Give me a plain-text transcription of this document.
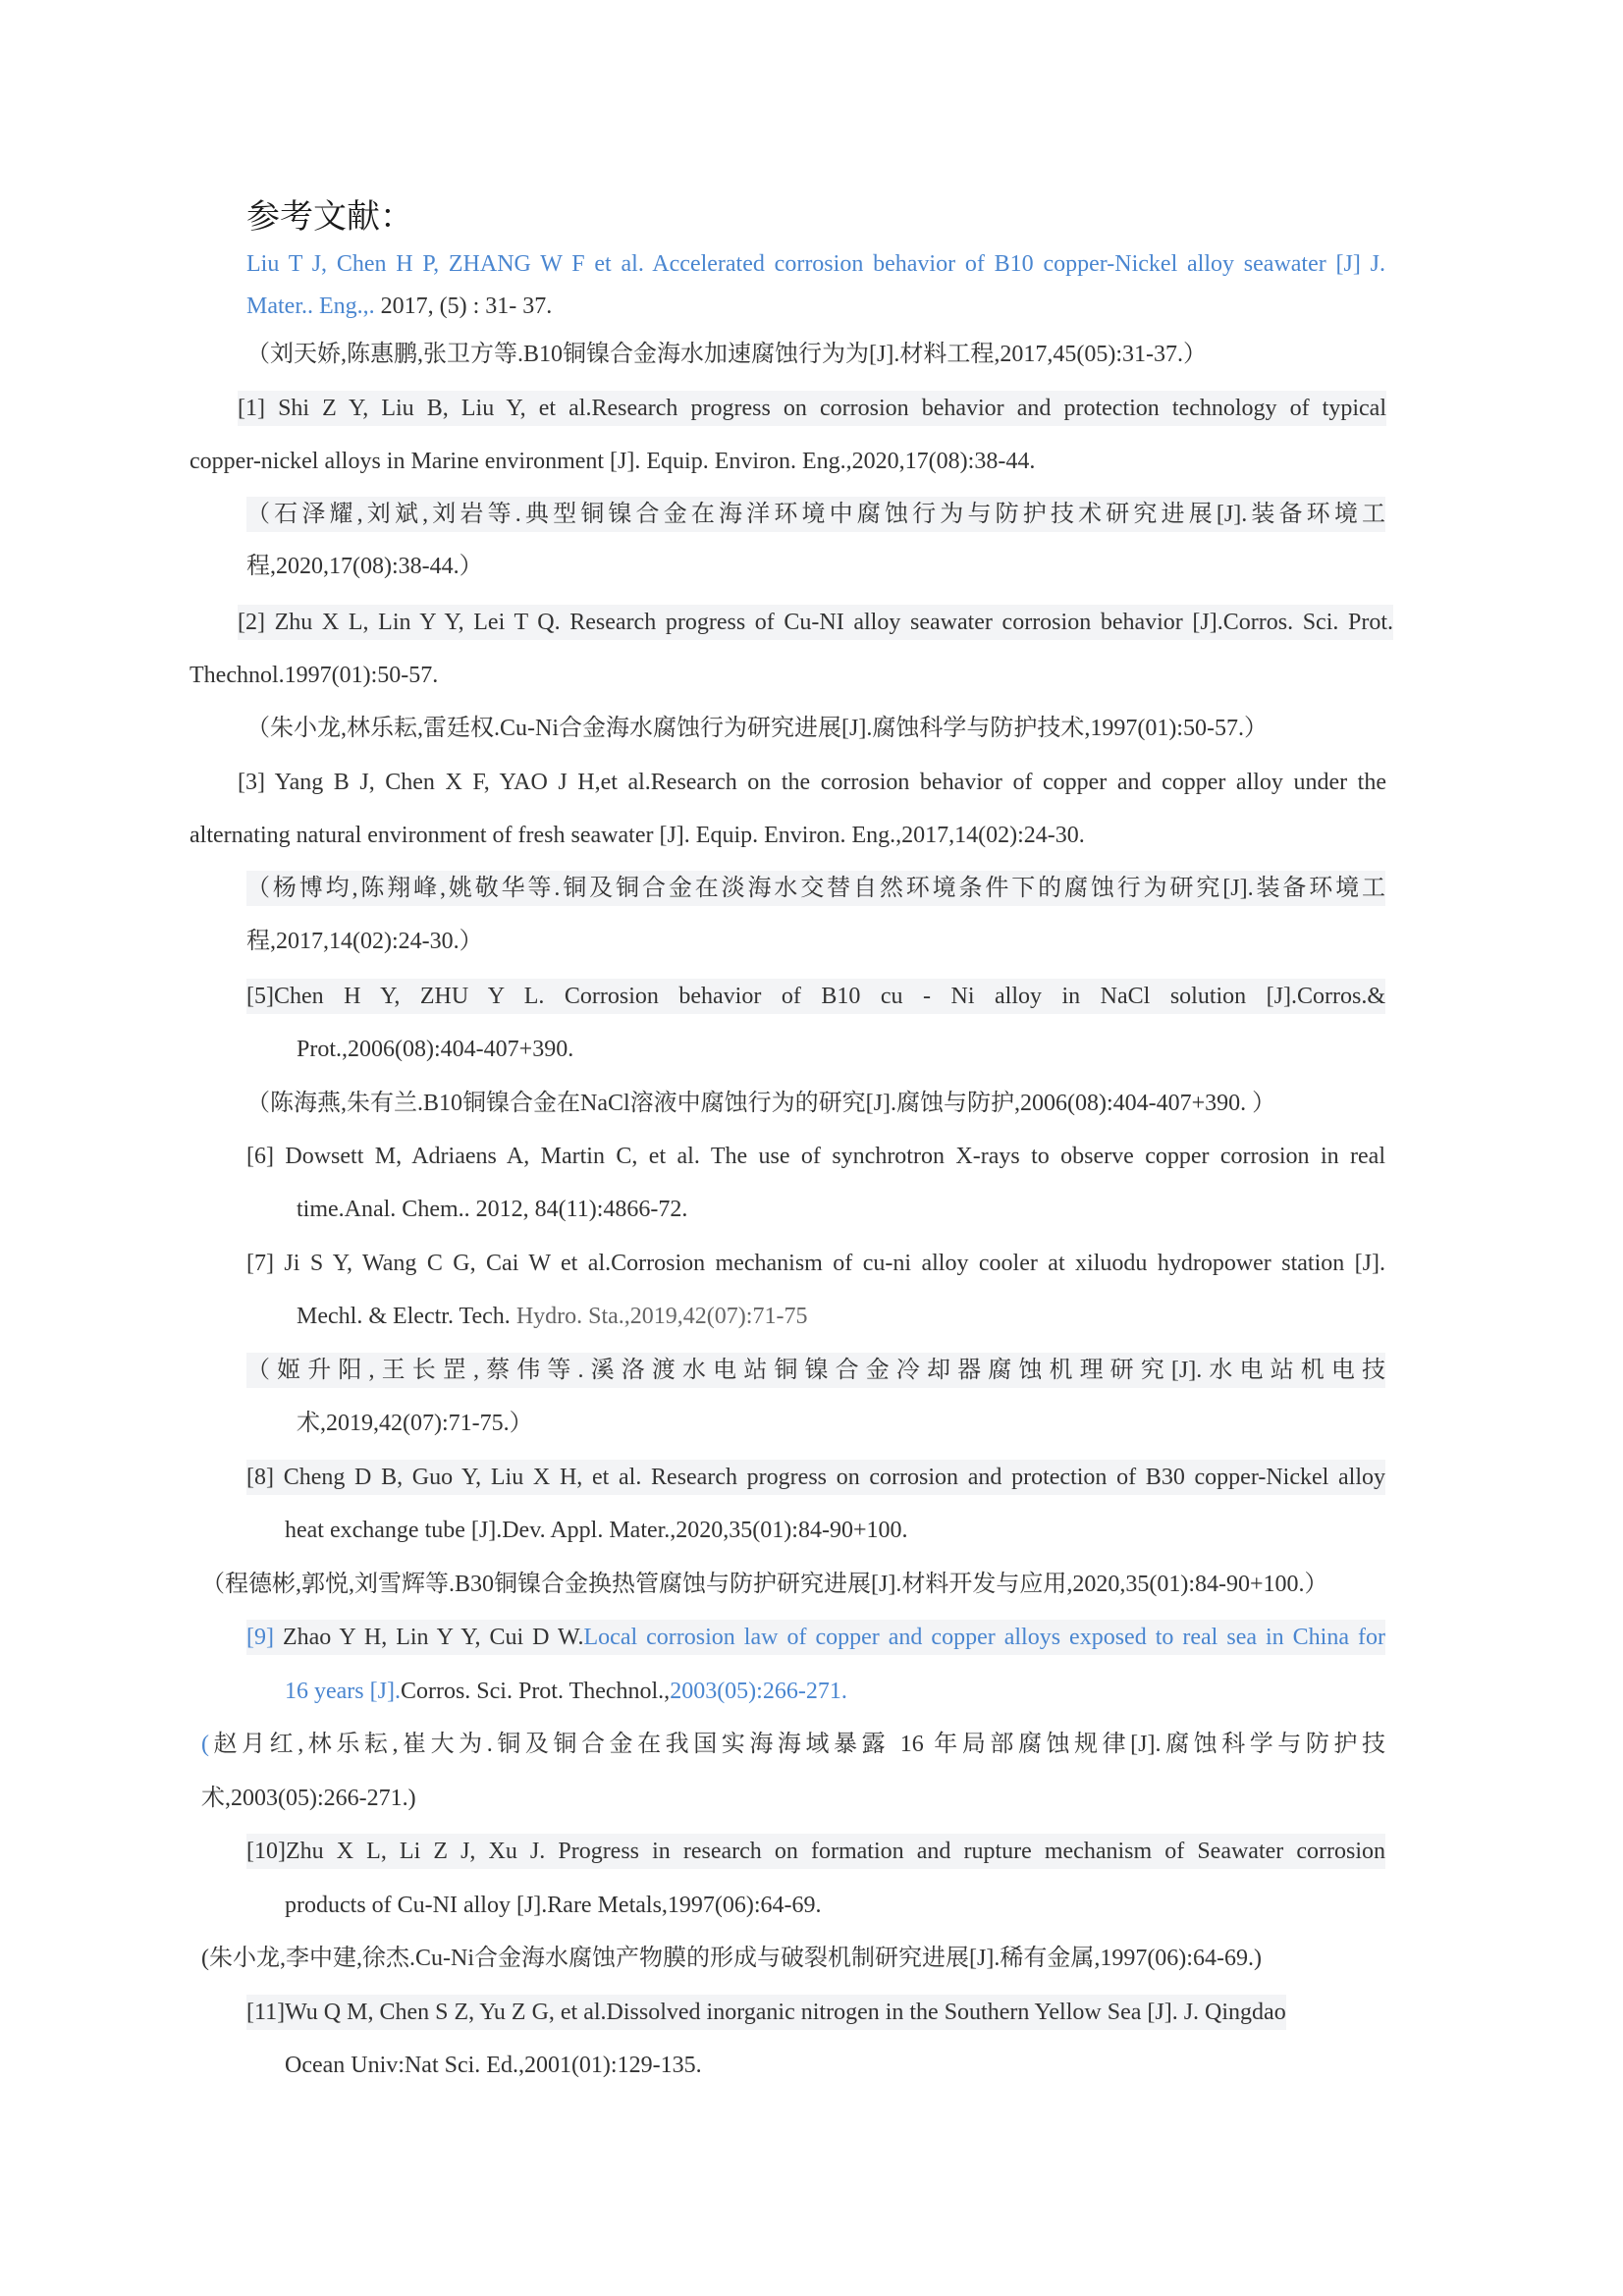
参考文献：
Liu T J, Chen H P, ZHANG W F et al. Accelerated corrosion behavior of B10 copper-Nickel alloy seawater [J] J.
Mater.. Eng.,. 2017, (5) : 31- 37.
（刘天娇,陈惠鹏,张卫方等.B10铜镍合金海水加速腐蚀行为为[J].材料工程,2017,45(05):31-37.）
[1] Shi Z Y, Liu B, Liu Y, et al.Research progress on corrosion behavior and protection technology of typical
copper-nickel alloys in Marine environment [J]. Equip. Environ. Eng.,2020,17(08):38-44.
（石泽耀,刘斌,刘岩等.典型铜镍合金在海洋环境中腐蚀行为与防护技术研究进展[J].装备环境工
程,2020,17(08):38-44.）
[2] Zhu X L, Lin Y Y, Lei T Q. Research progress of Cu-NI alloy seawater corrosion behavior [J].Corros. Sci. Prot.
Thechnol.1997(01):50-57.
（朱小龙,林乐耘,雷廷权.Cu-Ni合金海水腐蚀行为研究进展[J].腐蚀科学与防护技术,1997(01):50-57.）
[3] Yang B J, Chen X F, YAO J H,et al.Research on the corrosion behavior of copper and copper alloy under the
alternating natural environment of fresh seawater [J]. Equip. Environ. Eng.,2017,14(02):24-30.
（杨博均,陈翔峰,姚敬华等.铜及铜合金在淡海水交替自然环境条件下的腐蚀行为研究[J].装备环境工
程,2017,14(02):24-30.）
[5]Chen H Y, ZHU Y L. Corrosion behavior of B10 cu - Ni alloy in NaCl solution [J].Corros.&
Prot.,2006(08):404-407+390.
（陈海燕,朱有兰.B10铜镍合金在NaCl溶液中腐蚀行为的研究[J].腐蚀与防护,2006(08):404-407+390. ）
[6] Dowsett M, Adriaens A, Martin C, et al. The use of synchrotron X-rays to observe copper corrosion in real
time.Anal. Chem.. 2012, 84(11):4866-72.
[7] Ji S Y, Wang C G, Cai W et al.Corrosion mechanism of cu-ni alloy cooler at xiluodu hydropower station [J].
Mechl. & Electr. Tech. Hydro. Sta.,2019,42(07):71-75
（姬升阳,王长罡,蔡伟等.溪洛渡水电站铜镍合金冷却器腐蚀机理研究[J].水电站机电技
术,2019,42(07):71-75.）
[8] Cheng D B, Guo Y, Liu X H, et al. Research progress on corrosion and protection of B30 copper-Nickel alloy
heat exchange tube [J].Dev. Appl. Mater.,2020,35(01):84-90+100.
（程德彬,郭悦,刘雪辉等.B30铜镍合金换热管腐蚀与防护研究进展[J].材料开发与应用,2020,35(01):84-90+100.）
[9] Zhao Y H, Lin Y Y, Cui D W.Local corrosion law of copper and copper alloys exposed to real sea in China for
16 years [J].Corros. Sci. Prot. Thechnol.,2003(05):266-271.
(赵月红,林乐耘,崔大为.铜及铜合金在我国实海海域暴露 16 年局部腐蚀规律[J].腐蚀科学与防护技
术,2003(05):266-271.)
[10]Zhu X L, Li Z J, Xu J. Progress in research on formation and rupture mechanism of Seawater corrosion
products of Cu-NI alloy [J].Rare Metals,1997(06):64-69.
(朱小龙,李中建,徐杰.Cu-Ni合金海水腐蚀产物膜的形成与破裂机制研究进展[J].稀有金属,1997(06):64-69.)
[11]Wu Q M, Chen S Z, Yu Z G, et al.Dissolved inorganic nitrogen in the Southern Yellow Sea [J]. J. Qingdao
Ocean Univ:Nat Sci. Ed.,2001(01):129-135.
